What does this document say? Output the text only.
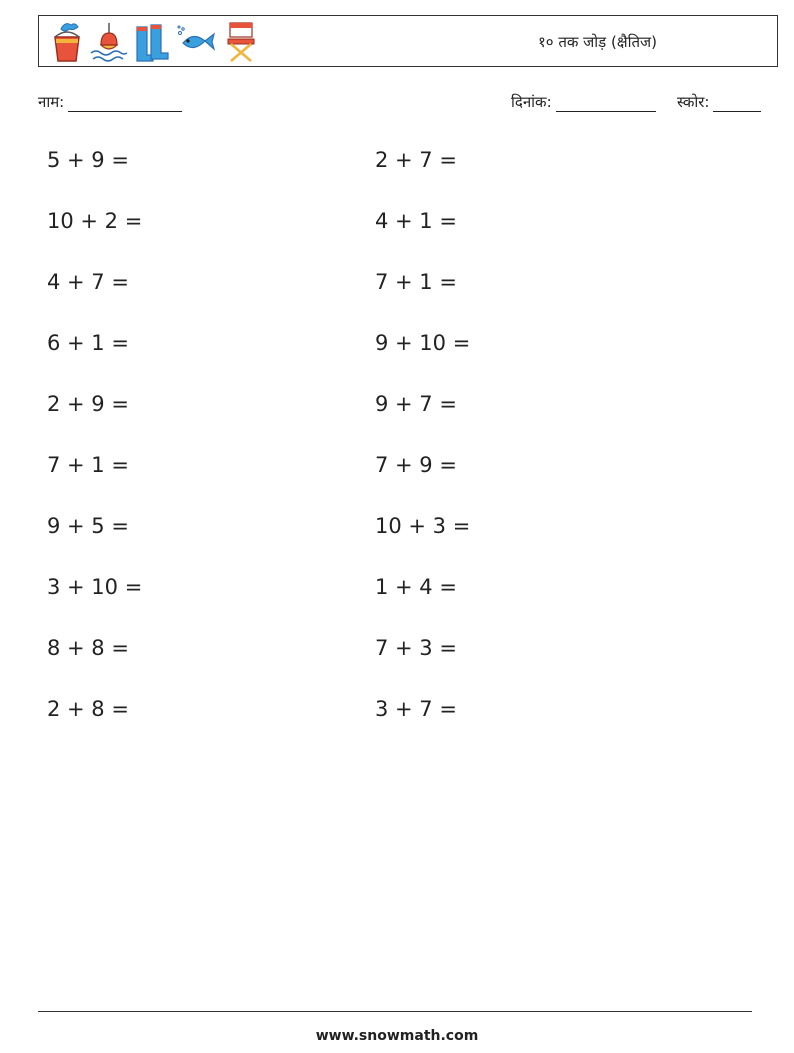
१० तक जोड़ (क्षैतिज)
नाम:	दिनांक:	स्कोर:
5 + 9 =
10 + 2 =
4 + 7 =
6 + 1 =
2 + 9 =
7 + 1 =
9 + 5 =
3 + 10 =
8 + 8 =
2 + 8 =
2 + 7 =
4 + 1 =
7 + 1 =
9 + 10 =
9 + 7 =
7 + 9 =
10 + 3 =
1 + 4 =
7 + 3 =
3 + 7 =
www.snowmath.com
